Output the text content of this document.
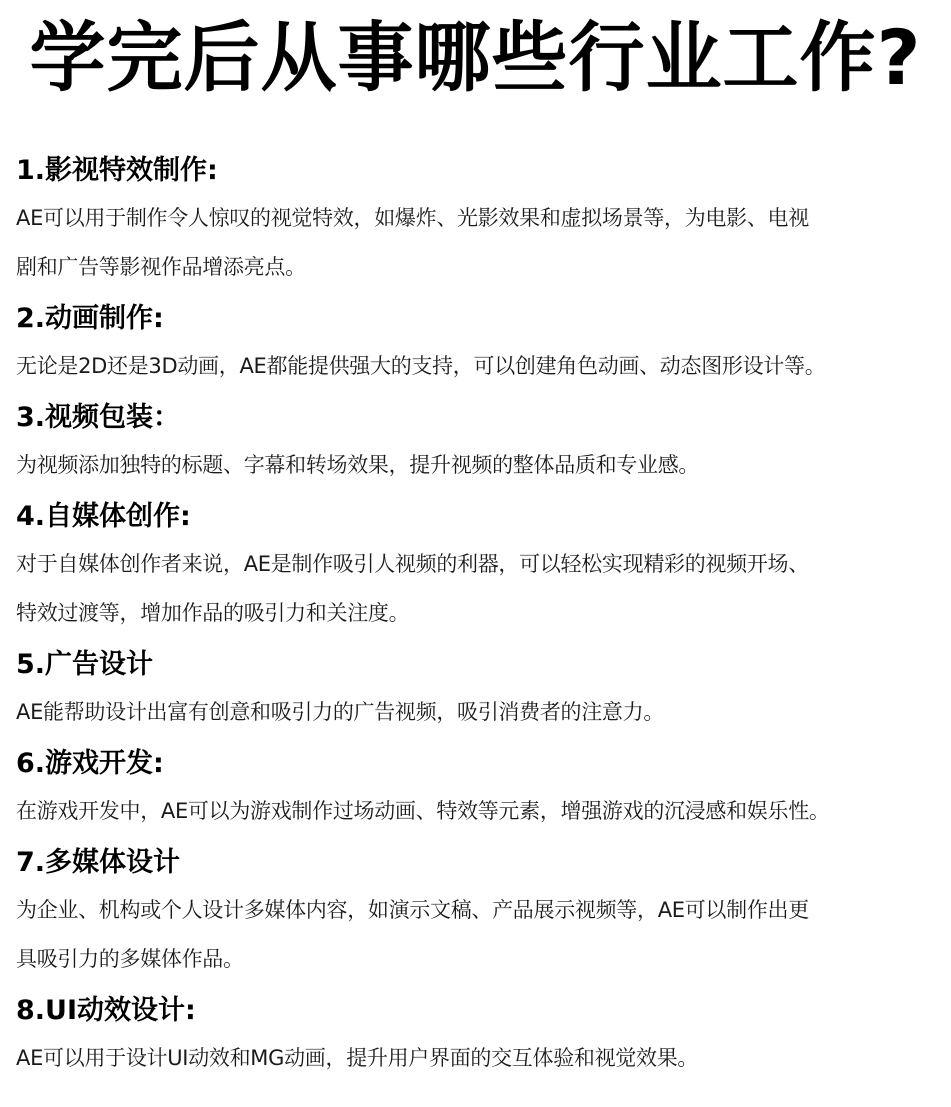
学完后从事哪些行业工作?
1.影视特效制作:
AE可以用于制作令人惊叹的视觉特效，如爆炸、光影效果和虚拟场景等，为电影、电视
剧和广告等影视作品增添亮点。
2.动画制作:
无论是2D还是3D动画，AE都能提供强大的支持，可以创建角色动画、动态图形设计等。
3.视频包装：
为视频添加独特的标题、字幕和转场效果，提升视频的整体品质和专业感。
4.自媒体创作:
对于自媒体创作者来说，AE是制作吸引人视频的利器，可以轻松实现精彩的视频开场、
特效过渡等，增加作品的吸引力和关注度。
5.广告设计
AE能帮助设计出富有创意和吸引力的广告视频，吸引消费者的注意力。
6.游戏开发:
在游戏开发中，AE可以为游戏制作过场动画、特效等元素，增强游戏的沉浸感和娱乐性。
7.多媒体设计
为企业、机构或个人设计多媒体内容，如演示文稿、产品展示视频等，AE可以制作出更
具吸引力的多媒体作品。
8.UI动效设计:
AE可以用于设计UI动效和MG动画，提升用户界面的交互体验和视觉效果。
